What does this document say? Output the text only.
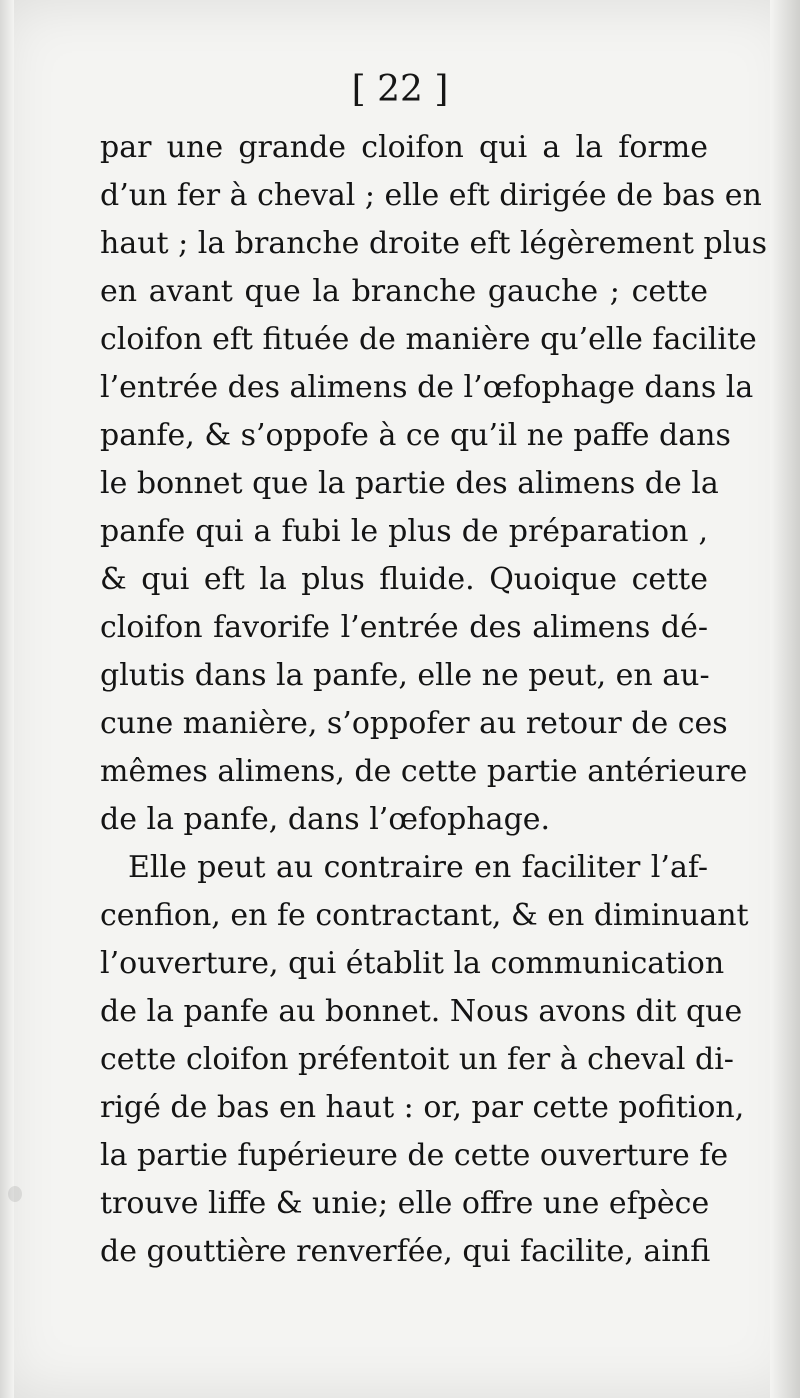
[ 22 ]
par une grande cloifon qui a la forme
d’un fer à cheval ; elle eft dirigée de bas en
haut ; la branche droite eft légèrement plus
en avant que la branche gauche ; cette
cloifon eft fituée de manière qu’elle facilite
l’entrée des alimens de l’œfophage dans la
panfe, & s’oppofe à ce qu’il ne paffe dans
le bonnet que la partie des alimens de la
panfe qui a fubi le plus de préparation ,
& qui eft la plus fluide. Quoique cette
cloifon favorife l’entrée des alimens dé-
glutis dans la panfe, elle ne peut, en au-
cune manière, s’oppofer au retour de ces
mêmes alimens, de cette partie antérieure
de la panfe, dans l’œfophage.
Elle peut au contraire en faciliter l’af-
cenfion, en fe contractant, & en diminuant
l’ouverture, qui établit la communication
de la panfe au bonnet. Nous avons dit que
cette cloifon préfentoit un fer à cheval di-
rigé de bas en haut : or, par cette pofition,
la partie fupérieure de cette ouverture fe
trouve liffe & unie; elle offre une efpèce
de gouttière renverfée, qui facilite, ainfi
